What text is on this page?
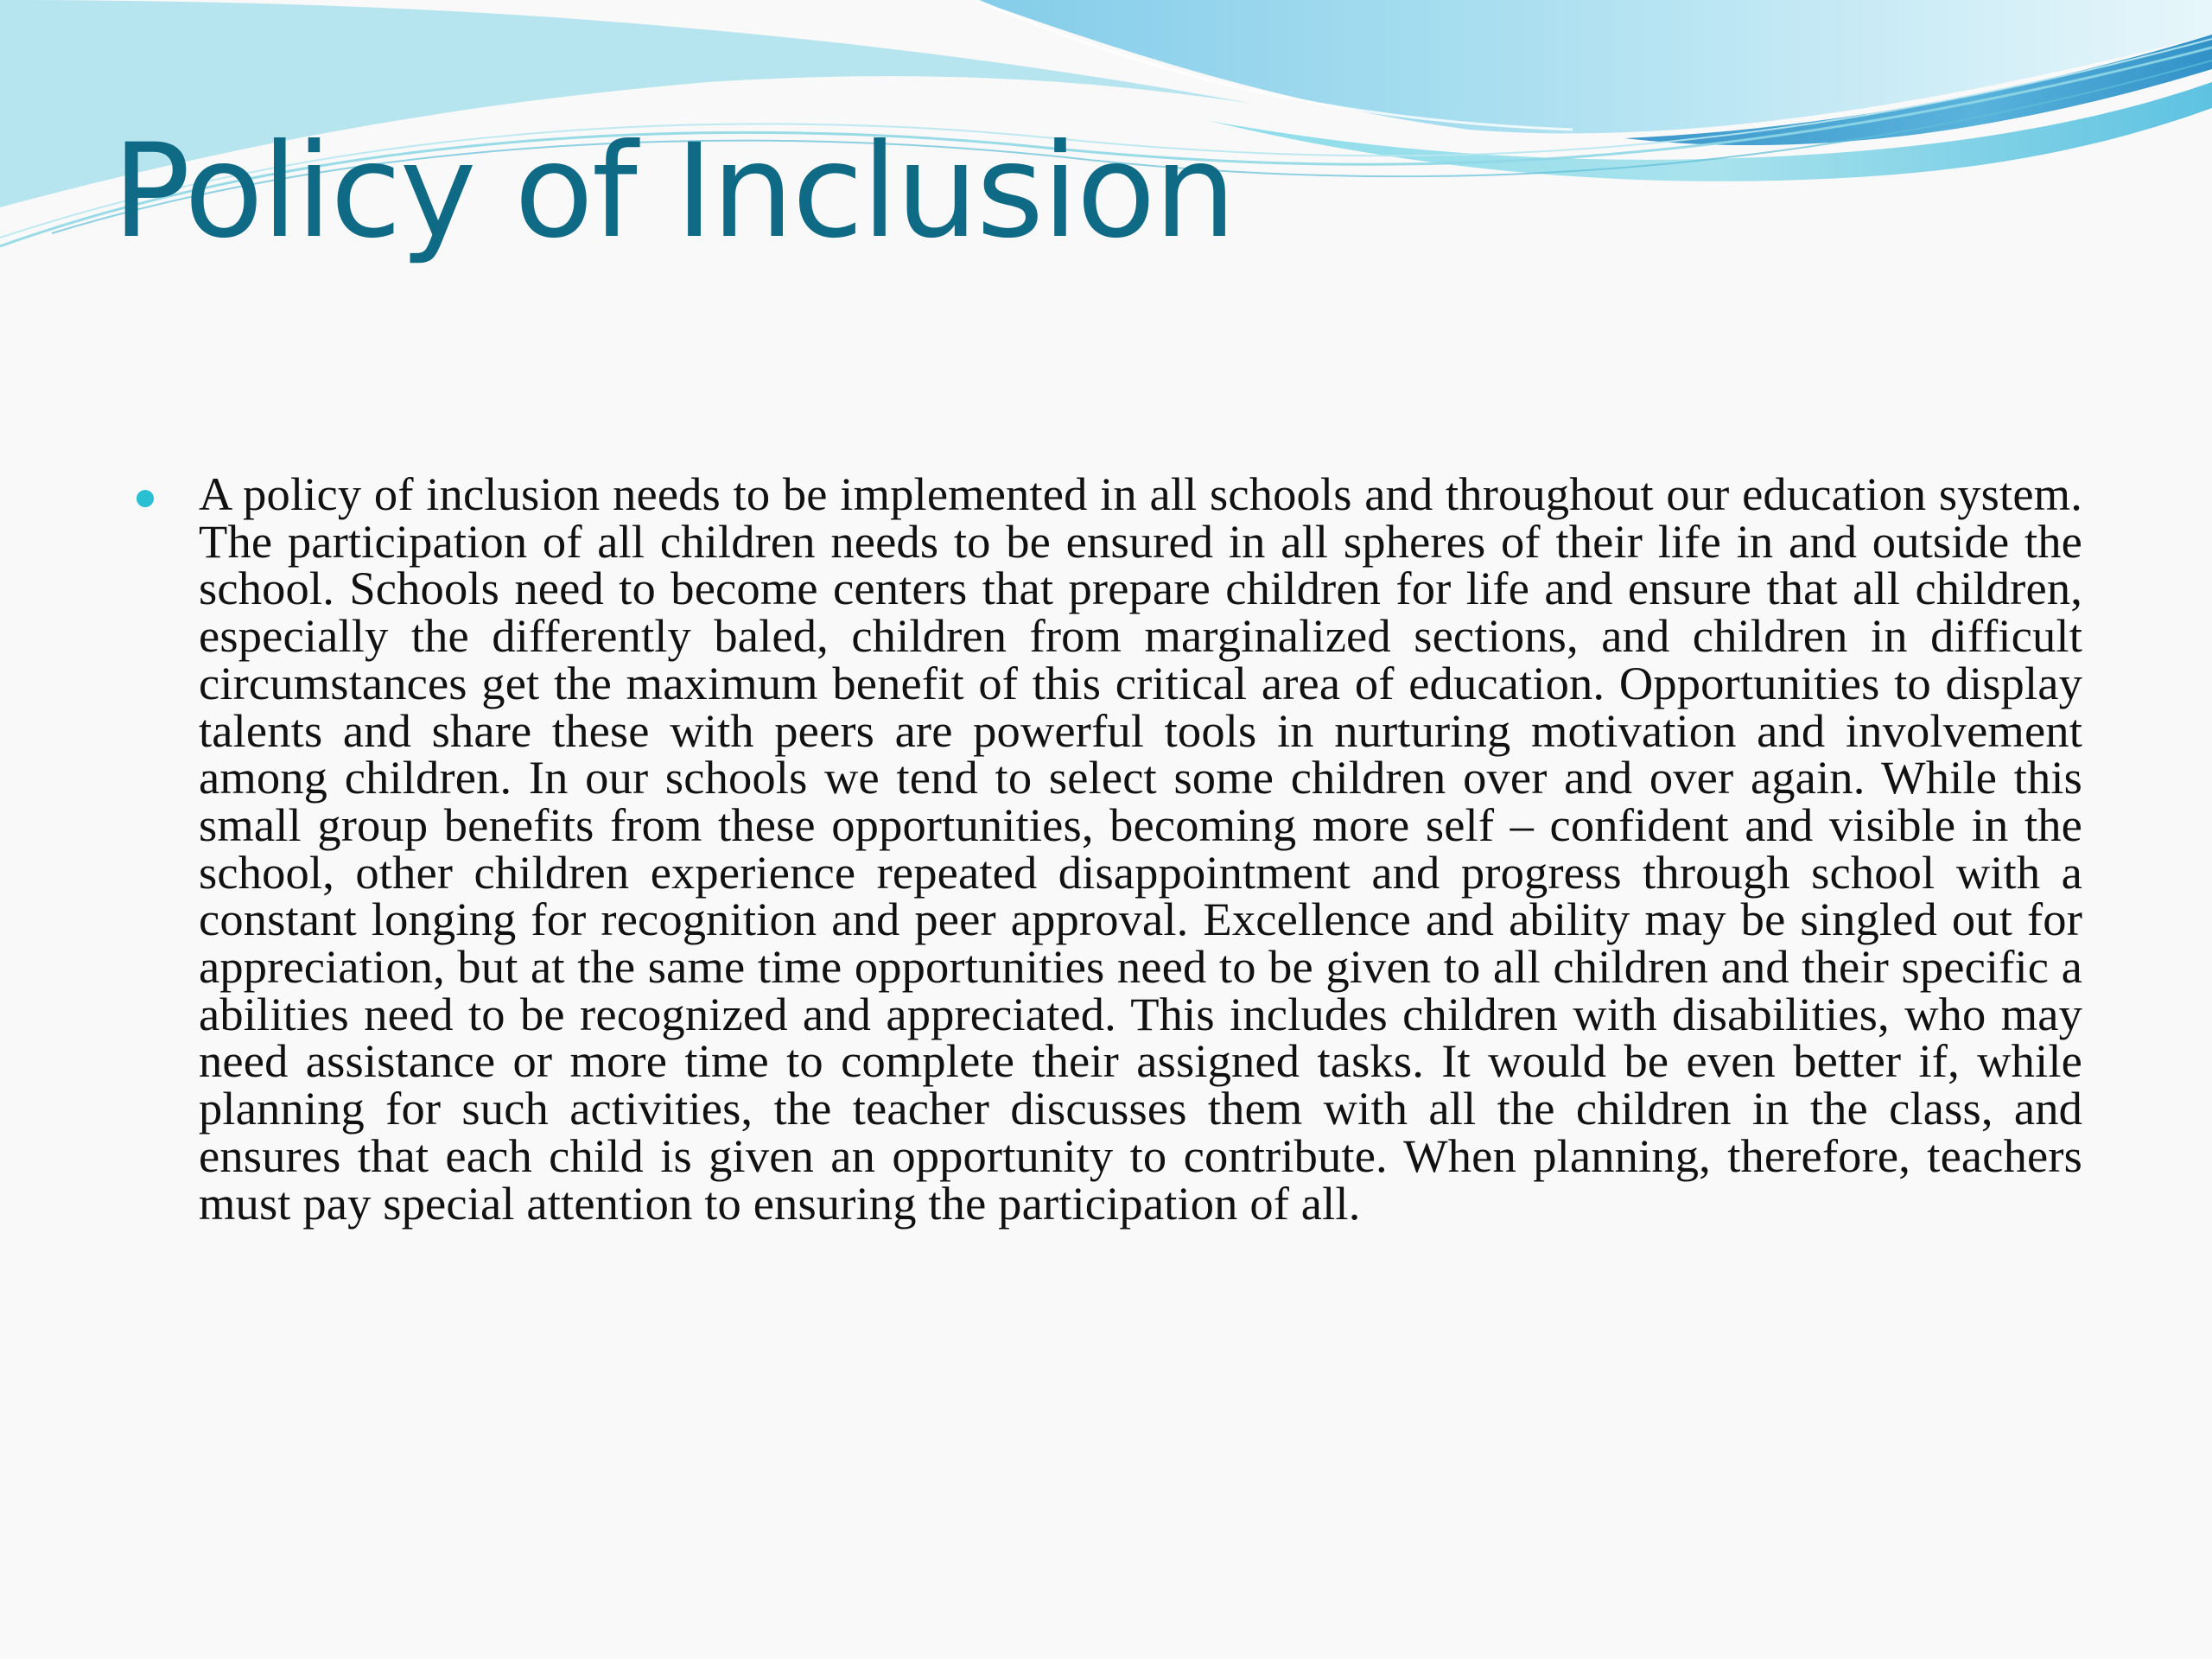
Policy of Inclusion
A policy of inclusion needs to be implemented in all schools and throughout our education system. The participation of all children needs to be ensured in all spheres of their life in and outside the school. Schools need to become centers that prepare children for life and ensure that all children, especially the differently baled, children from marginalized sections, and children in difficult circumstances get the maximum benefit of this critical area of education. Opportunities to display talents and share these with peers are powerful tools in nurturing motivation and involvement among children. In our schools we tend to select some children over and over again. While this small group benefits from these opportunities, becoming more self – confident and visible in the school, other children experience repeated disappointment and progress through school with a constant longing for recognition and peer approval. Excellence and ability may be singled out for appreciation, but at the same time opportunities need to be given to all children and their specific a abilities need to be recognized and appreciated. This includes children with disabilities, who may need assistance or more time to complete their assigned tasks. It would be even better if, while planning for such activities, the teacher discusses them with all the children in the class, and ensures that each child is given an opportunity to contribute. When planning, therefore, teachers must pay special attention to ensuring the participation of all.
